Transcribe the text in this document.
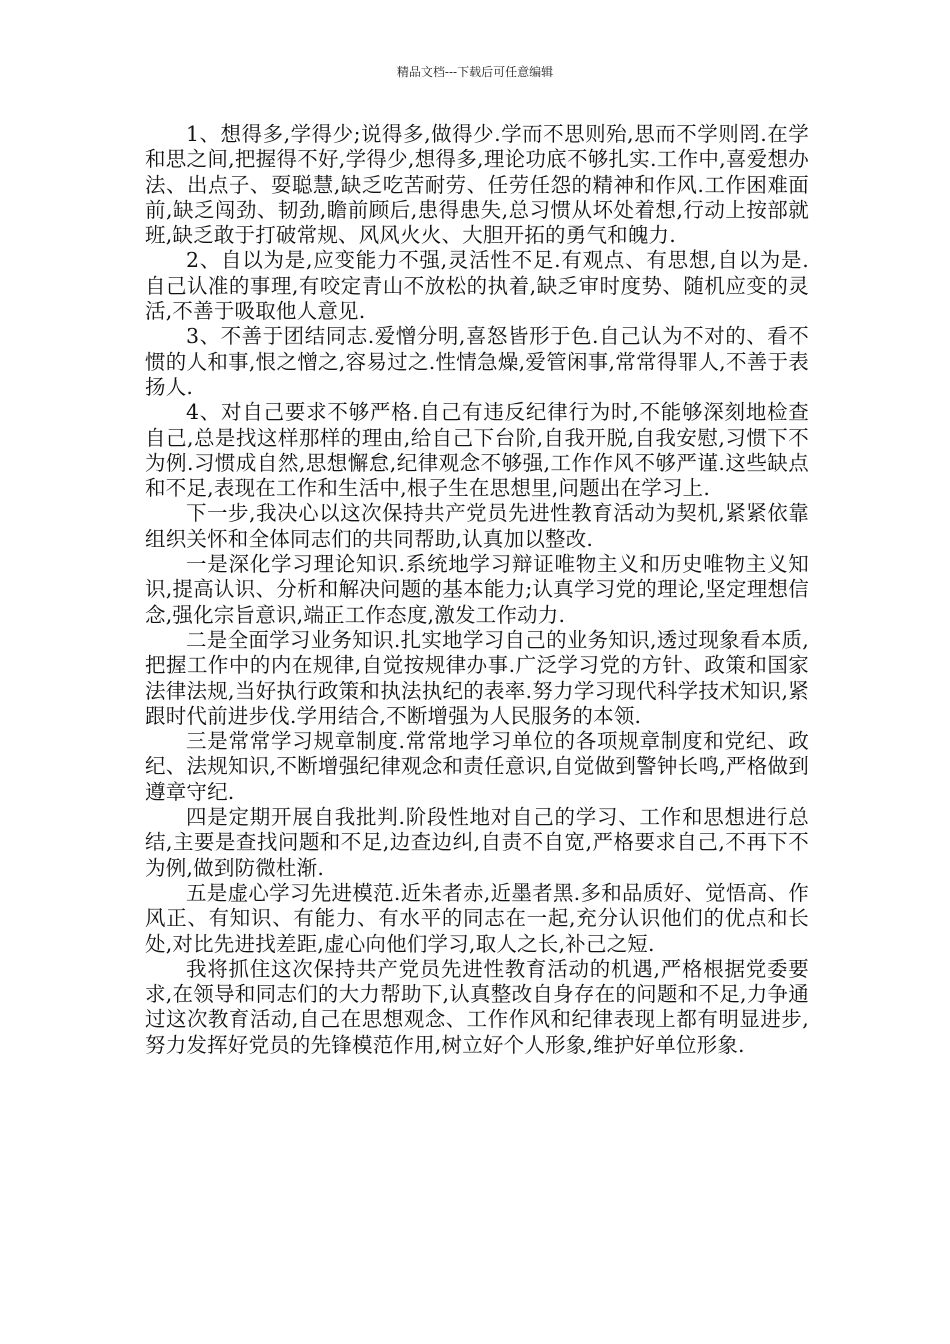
精品文档---下载后可任意编辑

1、想得多,学得少;说得多,做得少.学而不思则殆,思而不学则罔.在学和思之间,把握得不好,学得少,想得多,理论功底不够扎实.工作中,喜爱想办法、出点子、耍聪慧,缺乏吃苦耐劳、任劳任怨的精神和作风.工作困难面前,缺乏闯劲、韧劲,瞻前顾后,患得患失,总习惯从坏处着想,行动上按部就班,缺乏敢于打破常规、风风火火、大胆开拓的勇气和魄力.

2、自以为是,应变能力不强,灵活性不足.有观点、有思想,自以为是.自己认准的事理,有咬定青山不放松的执着,缺乏审时度势、随机应变的灵活,不善于吸取他人意见.

3、不善于团结同志.爱憎分明,喜怒皆形于色.自己认为不对的、看不惯的人和事,恨之憎之,容易过之.性情急燥,爱管闲事,常常得罪人,不善于表扬人.

4、对自己要求不够严格.自己有违反纪律行为时,不能够深刻地检查自己,总是找这样那样的理由,给自己下台阶,自我开脱,自我安慰,习惯下不为例.习惯成自然,思想懈怠,纪律观念不够强,工作作风不够严谨.这些缺点和不足,表现在工作和生活中,根子生在思想里,问题出在学习上.

下一步,我决心以这次保持共产党员先进性教育活动为契机,紧紧依靠组织关怀和全体同志们的共同帮助,认真加以整改.

一是深化学习理论知识.系统地学习辩证唯物主义和历史唯物主义知识,提高认识、分析和解决问题的基本能力;认真学习党的理论,坚定理想信念,强化宗旨意识,端正工作态度,激发工作动力.

二是全面学习业务知识.扎实地学习自己的业务知识,透过现象看本质,把握工作中的内在规律,自觉按规律办事.广泛学习党的方针、政策和国家法律法规,当好执行政策和执法执纪的表率.努力学习现代科学技术知识,紧跟时代前进步伐.学用结合,不断增强为人民服务的本领.

三是常常学习规章制度.常常地学习单位的各项规章制度和党纪、政纪、法规知识,不断增强纪律观念和责任意识,自觉做到警钟长鸣,严格做到遵章守纪.

四是定期开展自我批判.阶段性地对自己的学习、工作和思想进行总结,主要是查找问题和不足,边查边纠,自责不自宽,严格要求自己,不再下不为例,做到防微杜渐.

五是虚心学习先进模范.近朱者赤,近墨者黑.多和品质好、觉悟高、作风正、有知识、有能力、有水平的同志在一起,充分认识他们的优点和长处,对比先进找差距,虚心向他们学习,取人之长,补己之短.

我将抓住这次保持共产党员先进性教育活动的机遇,严格根据党委要求,在领导和同志们的大力帮助下,认真整改自身存在的问题和不足,力争通过这次教育活动,自己在思想观念、工作作风和纪律表现上都有明显进步,努力发挥好党员的先锋模范作用,树立好个人形象,维护好单位形象.
